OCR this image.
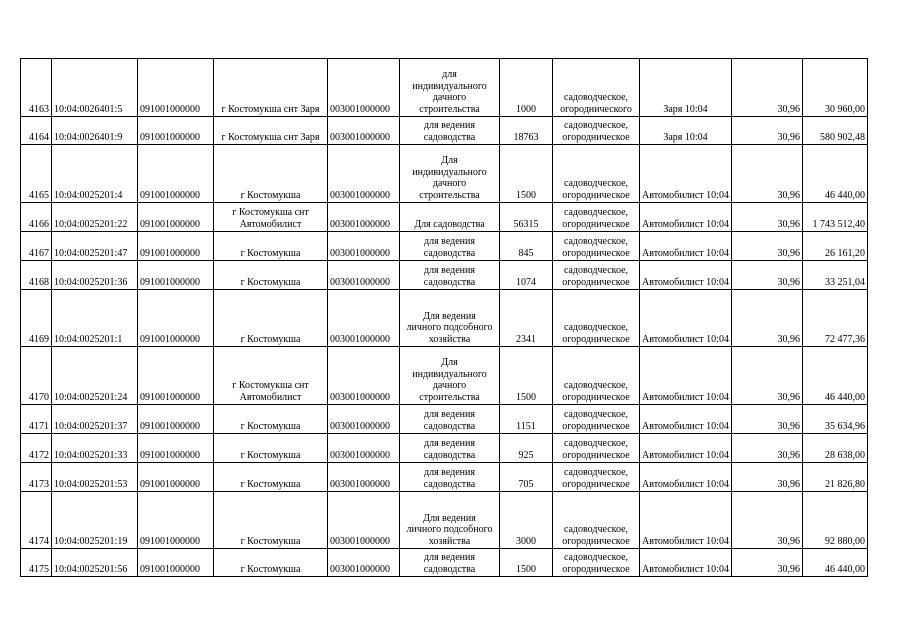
4163	10:04:0026401:5	091001000000	г Костомукша снт Заря	003001000000	для
индивидуального
дачного
строительства	1000	садоводческое,
огороднического	Заря 10:04	30,96	30 960,00
4164	10:04:0026401:9	091001000000	г Костомукша снт Заря	003001000000	для ведения
садоводства	18763	садоводческое,
огородническое	Заря 10:04	30,96	580 902,48
4165	10:04:0025201:4	091001000000	г Костомукша	003001000000	Для
индивидуального
дачного
строительства	1500	садоводческое,
огородническое	Автомобилист 10:04	30,96	46 440,00
4166	10:04:0025201:22	091001000000	г Костомукша снт
Автомобилист	003001000000	Для садоводства	56315	садоводческое,
огородническое	Автомобилист 10:04	30,96	1 743 512,40
4167	10:04:0025201:47	091001000000	г Костомукша	003001000000	для ведения
садоводства	845	садоводческое,
огородническое	Автомобилист 10:04	30,96	26 161,20
4168	10:04:0025201:36	091001000000	г Костомукша	003001000000	для ведения
садоводства	1074	садоводческое,
огородническое	Автомобилист 10:04	30,96	33 251,04
4169	10:04:0025201:1	091001000000	г Костомукша	003001000000	Для ведения
личного подсобного
хозяйства	2341	садоводческое,
огородническое	Автомобилист 10:04	30,96	72 477,36
4170	10:04:0025201:24	091001000000	г Костомукша снт
Автомобилист	003001000000	Для
индивидуального
дачного
строительства	1500	садоводческое,
огородническое	Автомобилист 10:04	30,96	46 440,00
4171	10:04:0025201:37	091001000000	г Костомукша	003001000000	для ведения
садоводства	1151	садоводческое,
огородническое	Автомобилист 10:04	30,96	35 634,96
4172	10:04:0025201:33	091001000000	г Костомукша	003001000000	для ведения
садоводства	925	садоводческое,
огородническое	Автомобилист 10:04	30,96	28 638,00
4173	10:04:0025201:53	091001000000	г Костомукша	003001000000	для ведения
садоводства	705	садоводческое,
огородническое	Автомобилист 10:04	30,96	21 826,80
4174	10:04:0025201:19	091001000000	г Костомукша	003001000000	Для ведения
личного подсобного
хозяйства	3000	садоводческое,
огородническое	Автомобилист 10:04	30,96	92 880,00
4175	10:04:0025201:56	091001000000	г Костомукша	003001000000	для ведения
садоводства	1500	садоводческое,
огородническое	Автомобилист 10:04	30,96	46 440,00
